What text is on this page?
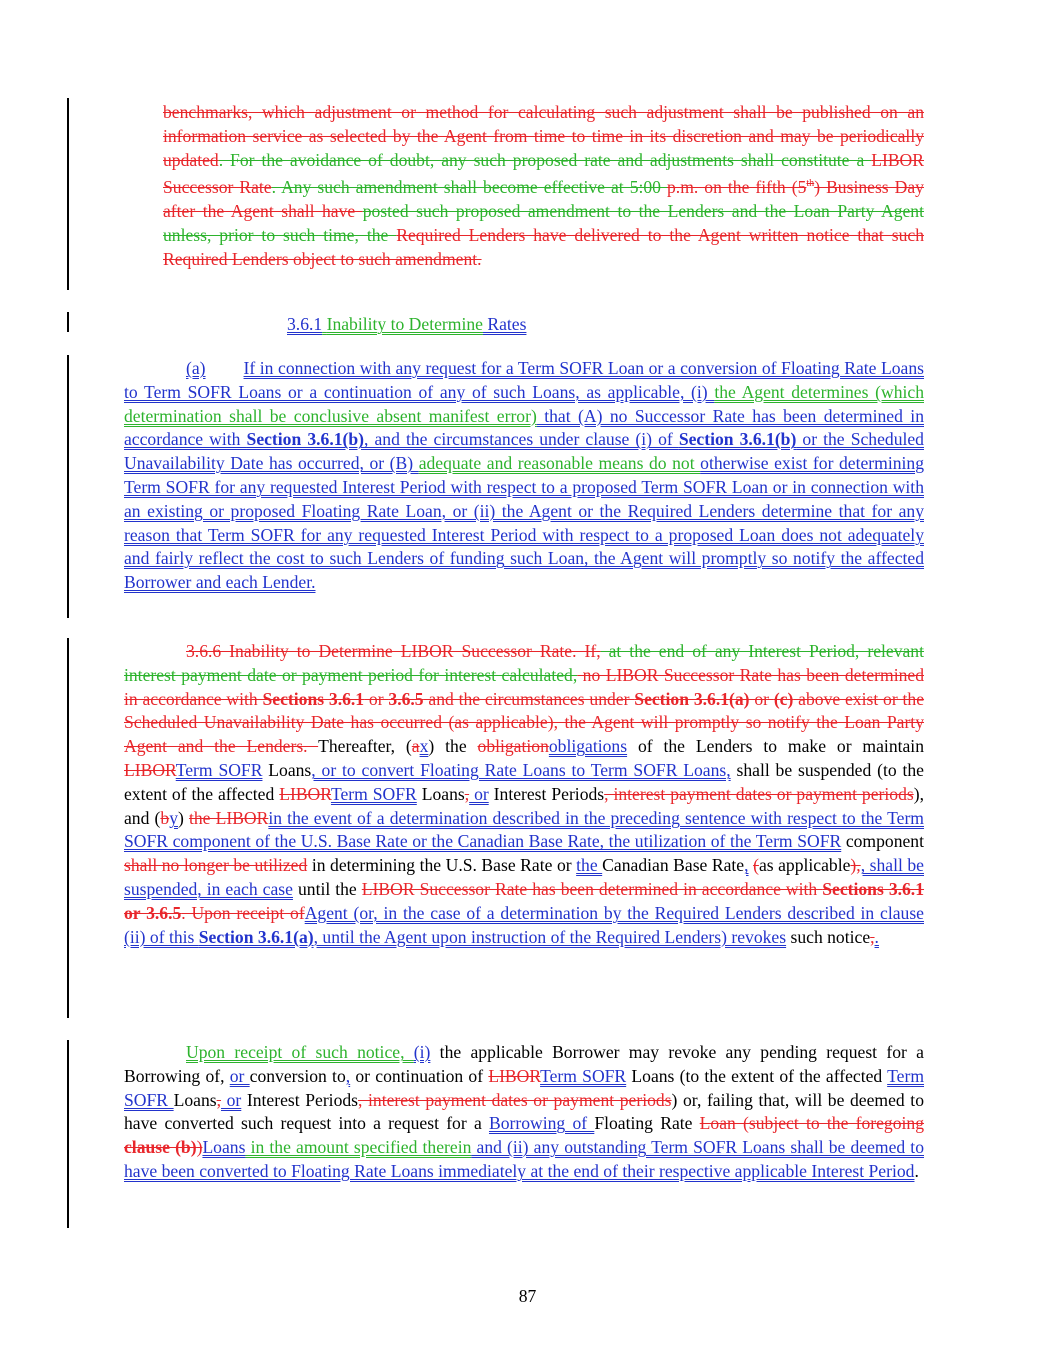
benchmarks, which adjustment or method for calculating such adjustment shall be published on an information service as selected by the Agent from time to time in its discretion and may be periodically updated. For the avoidance of doubt, any such proposed rate and adjustments shall constitute a LIBOR Successor Rate. Any such amendment shall become effective at 5:00 p.m. on the fifth (5th) Business Day after the Agent shall have posted such proposed amendment to the Lenders and the Loan Party Agent unless, prior to such time, the Required Lenders have delivered to the Agent written notice that such Required Lenders object to such amendment.

3.6.1 Inability to Determine Rates

(a) If in connection with any request for a Term SOFR Loan or a conversion of Floating Rate Loans to Term SOFR Loans or a continuation of any of such Loans, as applicable, (i) the Agent determines (which determination shall be conclusive absent manifest error) that (A) no Successor Rate has been determined in accordance with Section 3.6.1(b), and the circumstances under clause (i) of Section 3.6.1(b) or the Scheduled Unavailability Date has occurred, or (B) adequate and reasonable means do not otherwise exist for determining Term SOFR for any requested Interest Period with respect to a proposed Term SOFR Loan or in connection with an existing or proposed Floating Rate Loan, or (ii) the Agent or the Required Lenders determine that for any reason that Term SOFR for any requested Interest Period with respect to a proposed Loan does not adequately and fairly reflect the cost to such Lenders of funding such Loan, the Agent will promptly so notify the affected Borrower and each Lender.

3.6.6 Inability to Determine LIBOR Successor Rate. If, at the end of any Interest Period, relevant interest payment date or payment period for interest calculated, no LIBOR Successor Rate has been determined in accordance with Sections 3.6.1 or 3.6.5 and the circumstances under Section 3.6.1(a) or (c) above exist or the Scheduled Unavailability Date has occurred (as applicable), the Agent will promptly so notify the Loan Party Agent and the Lenders. Thereafter, (ax) the obligationobligations of the Lenders to make or maintain LIBORTerm SOFR Loans, or to convert Floating Rate Loans to Term SOFR Loans, shall be suspended (to the extent of the affected LIBORTerm SOFR Loans, or Interest Periods, interest payment dates or payment periods), and (by) the LIBORin the event of a determination described in the preceding sentence with respect to the Term SOFR component of the U.S. Base Rate or the Canadian Base Rate, the utilization of the Term SOFR component shall no longer be utilized in determining the U.S. Base Rate or the Canadian Base Rate, (as applicable),, shall be suspended, in each case until the LIBOR Successor Rate has been determined in accordance with Sections 3.6.1 or 3.6.5. Upon receipt ofAgent (or, in the case of a determination by the Required Lenders described in clause (ii) of this Section 3.6.1(a), until the Agent upon instruction of the Required Lenders) revokes such notice,.

Upon receipt of such notice, (i) the applicable Borrower may revoke any pending request for a Borrowing of, or conversion to, or continuation of LIBORTerm SOFR Loans (to the extent of the affected Term SOFR Loans, or Interest Periods, interest payment dates or payment periods) or, failing that, will be deemed to have converted such request into a request for a Borrowing of Floating Rate Loan (subject to the foregoing clause (b))Loans in the amount specified therein and (ii) any outstanding Term SOFR Loans shall be deemed to have been converted to Floating Rate Loans immediately at the end of their respective applicable Interest Period.

87
